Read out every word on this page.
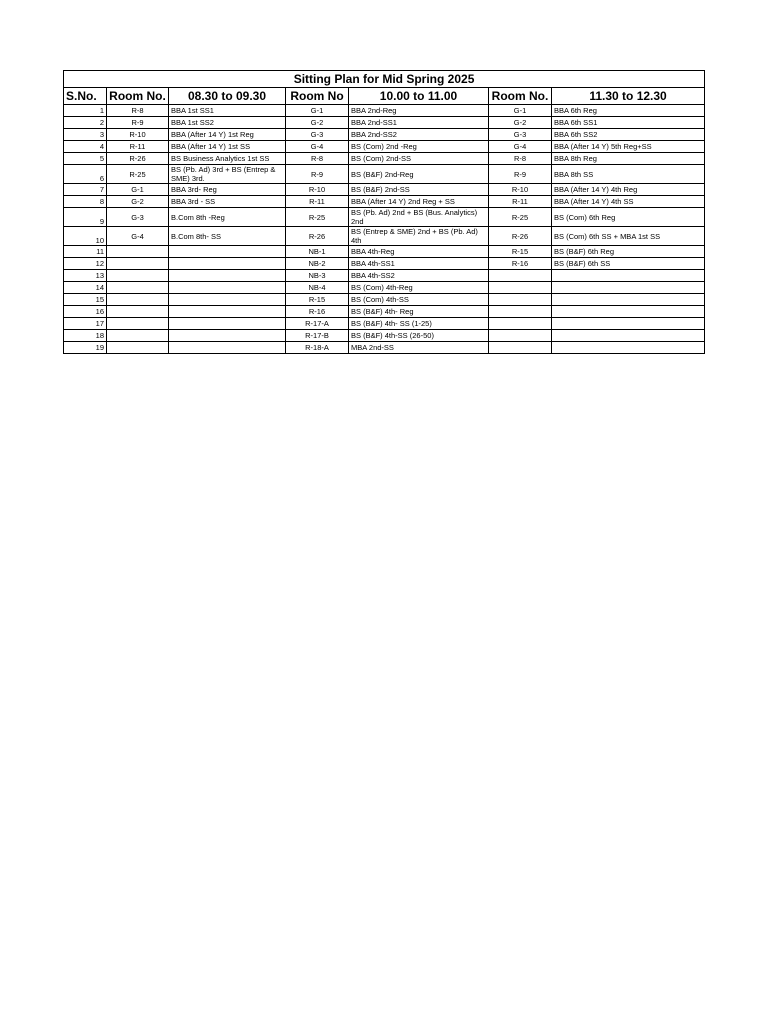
Sitting Plan for Mid Spring 2025						
S.No.	Room No.	08.30 to 09.30	Room No	10.00 to 11.00	Room No.	11.30 to 12.30
1	R-8	BBA 1st SS1	G-1	BBA 2nd-Reg	G-1	BBA 6th Reg
2	R-9	BBA 1st SS2	G-2	BBA 2nd-SS1	G-2	BBA 6th SS1
3	R-10	BBA (After 14 Y) 1st Reg	G-3	BBA 2nd-SS2	G-3	BBA 6th SS2
4	R-11	BBA (After 14 Y) 1st SS	G-4	BS (Com) 2nd -Reg	G-4	BBA (After 14 Y) 5th Reg+SS
5	R-26	BS Business Analytics 1st SS	R-8	BS (Com) 2nd-SS	R-8	BBA 8th Reg
6	R-25	BS (Pb. Ad) 3rd + BS (Entrep & SME) 3rd.	R-9	BS (B&F) 2nd-Reg	R-9	BBA 8th SS
7	G-1	BBA 3rd- Reg	R-10	BS (B&F) 2nd-SS	R-10	BBA (After 14 Y) 4th Reg
8	G-2	BBA 3rd - SS	R-11	BBA (After 14 Y) 2nd Reg + SS	R-11	BBA (After 14 Y) 4th SS
9	G-3	B.Com 8th -Reg	R-25	BS (Pb. Ad) 2nd + BS (Bus. Analytics) 2nd	R-25	BS (Com) 6th Reg
10	G-4	B.Com 8th- SS	R-26	BS (Entrep & SME) 2nd + BS (Pb. Ad) 4th	R-26	BS (Com) 6th SS + MBA 1st SS
11			NB-1	BBA 4th-Reg	R-15	BS (B&F) 6th Reg
12			NB-2	BBA 4th-SS1	R-16	BS (B&F) 6th SS
13			NB-3	BBA 4th-SS2		
14			NB-4	BS (Com) 4th-Reg		
15			R-15	BS (Com) 4th-SS		
16			R-16	BS (B&F) 4th- Reg		
17			R-17-A	BS (B&F) 4th- SS (1-25)		
18			R-17-B	BS (B&F) 4th-SS (26-50)		
19			R-18-A	MBA 2nd-SS		
